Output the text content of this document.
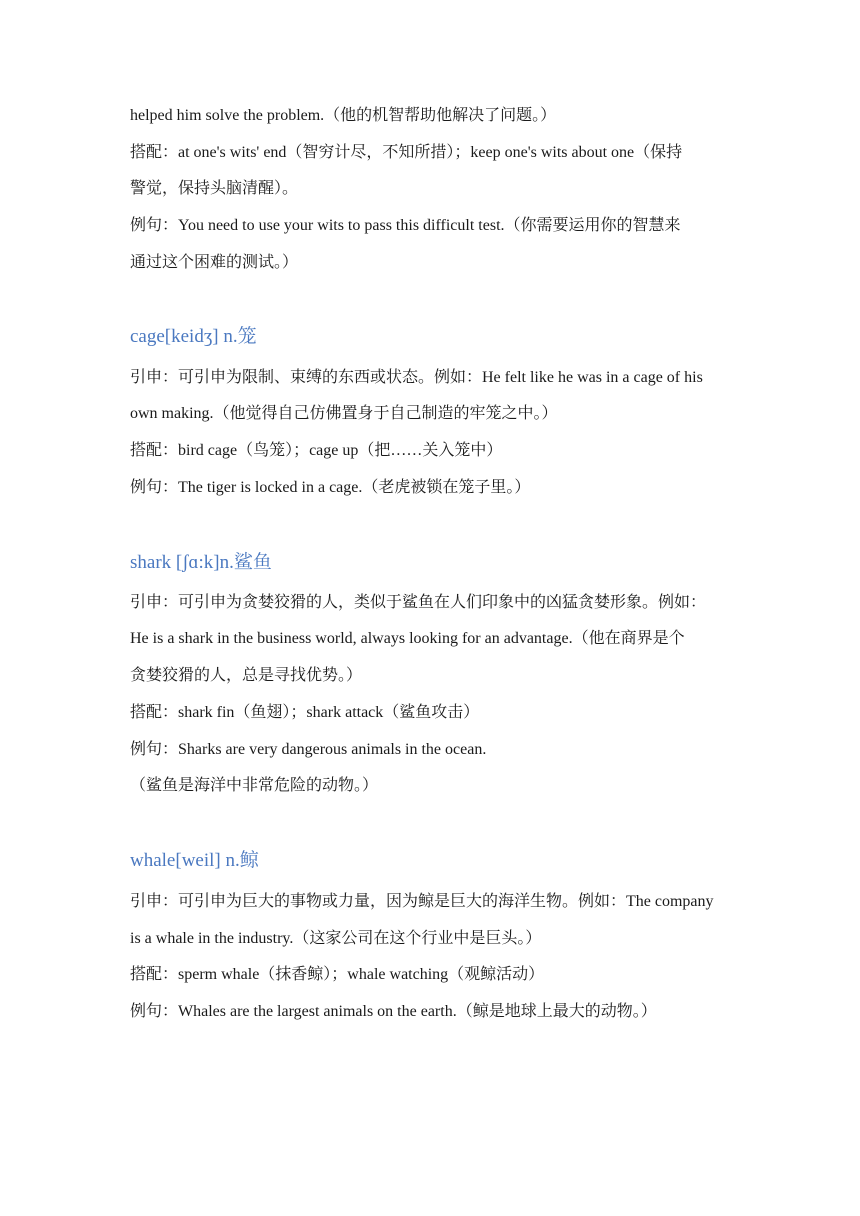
helped him solve the problem.（他的机智帮助他解决了问题。）
搭配：at one's wits' end（智穷计尽，不知所措）；keep one's wits about one（保持
警觉，保持头脑清醒）。
例句：You need to use your wits to pass this difficult test.（你需要运用你的智慧来
通过这个困难的测试。）
cage[keidʒ] n.笼
引申：可引申为限制、束缚的东西或状态。例如：He felt like he was in a cage of his
own making.（他觉得自己仿佛置身于自己制造的牢笼之中。）
搭配：bird cage（鸟笼）；cage up（把……关入笼中）
例句：The tiger is locked in a cage.（老虎被锁在笼子里。）
shark [ʃɑ:k]n.鲨鱼
引申：可引申为贪婪狡猾的人，类似于鲨鱼在人们印象中的凶猛贪婪形象。例如：
He is a shark in the business world, always looking for an advantage.（他在商界是个
贪婪狡猾的人，总是寻找优势。）
搭配：shark fin（鱼翅）；shark attack（鲨鱼攻击）
例句：Sharks are very dangerous animals in the ocean.
（鲨鱼是海洋中非常危险的动物。）
whale[weil] n.鲸
引申：可引申为巨大的事物或力量，因为鲸是巨大的海洋生物。例如：The company
is a whale in the industry.（这家公司在这个行业中是巨头。）
搭配：sperm whale（抹香鲸）；whale watching（观鲸活动）
例句：Whales are the largest animals on the earth.（鲸是地球上最大的动物。）
